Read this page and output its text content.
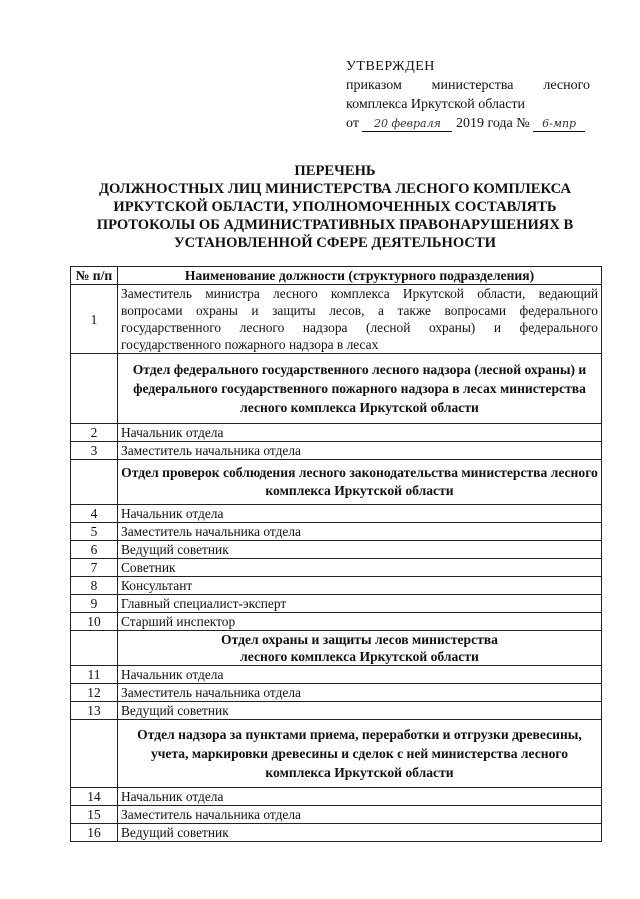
УТВЕРЖДЕН
приказом министерства лесного
комплекса Иркутской области
от 20 февраля 2019 года № 6-мпр
ПЕРЕЧЕНЬ
ДОЛЖНОСТНЫХ ЛИЦ МИНИСТЕРСТВА ЛЕСНОГО КОМПЛЕКСА
ИРКУТСКОЙ ОБЛАСТИ, УПОЛНОМОЧЕННЫХ СОСТАВЛЯТЬ
ПРОТОКОЛЫ ОБ АДМИНИСТРАТИВНЫХ ПРАВОНАРУШЕНИЯХ В
УСТАНОВЛЕННОЙ СФЕРЕ ДЕЯТЕЛЬНОСТИ
№ п/п	Наименование должности (структурного подразделения)
1	Заместитель министра лесного комплекса Иркутской области, ведающий вопросами охраны и защиты лесов, а также вопросами федерального государственного лесного надзора (лесной охраны) и федерального государственного пожарного надзора в лесах
	Отдел федерального государственного лесного надзора (лесной охраны) и федерального государственного пожарного надзора в лесах министерства лесного комплекса Иркутской области
2	Начальник отдела
3	Заместитель начальника отдела
	Отдел проверок соблюдения лесного законодательства министерства лесного комплекса Иркутской области
4	Начальник отдела
5	Заместитель начальника отдела
6	Ведущий советник
7	Советник
8	Консультант
9	Главный специалист-эксперт
10	Старший инспектор

	Отдел охраны и защиты лесов министерства
лесного комплекса Иркутской области

11	Начальник отдела
12	Заместитель начальника отдела
13	Ведущий советник
	Отдел надзора за пунктами приема, переработки и отгрузки древесины, учета, маркировки древесины и сделок с ней министерства лесного комплекса Иркутской области
14	Начальник отдела
15	Заместитель начальника отдела
16	Ведущий советник
